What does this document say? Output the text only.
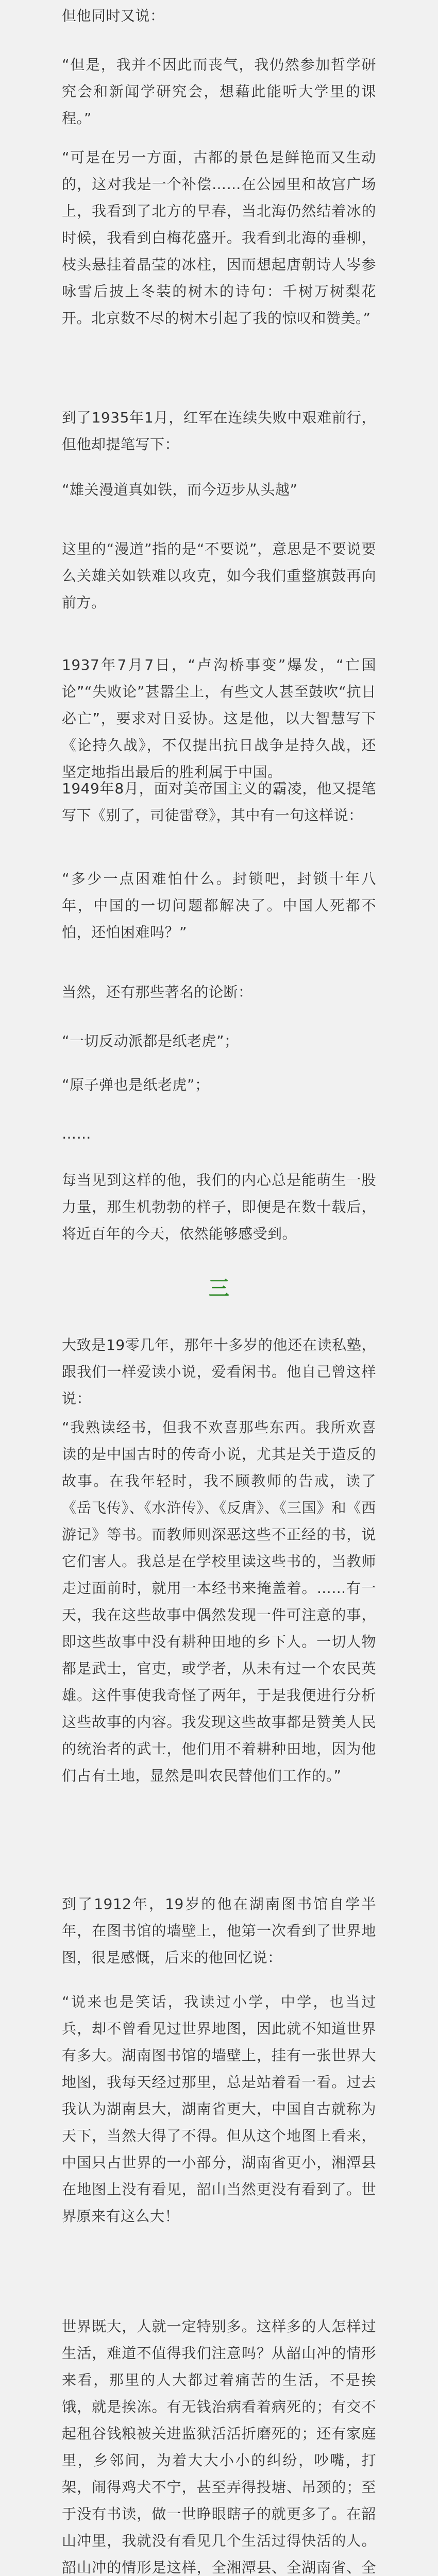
但他同时又说：

“但是，我并不因此而丧气，我仍然参加哲学研究会和新闻学研究会，想藉此能听大学里的课程。”

“可是在另一方面，古都的景色是鲜艳而又生动的，这对我是一个补偿……在公园里和故宫广场上，我看到了北方的早春，当北海仍然结着冰的时候，我看到白梅花盛开。我看到北海的垂柳，枝头悬挂着晶莹的冰柱，因而想起唐朝诗人岑参咏雪后披上冬装的树木的诗句：千树万树梨花开。北京数不尽的树木引起了我的惊叹和赞美。”

到了1935年1月，红军在连续失败中艰难前行，但他却提笔写下：

“雄关漫道真如铁，而今迈步从头越”

这里的“漫道”指的是“不要说”，意思是不要说要么关雄关如铁难以攻克，如今我们重整旗鼓再向前方。

1937年7月7日，“卢沟桥事变”爆发，“亡国论”“失败论”甚嚣尘上，有些文人甚至鼓吹“抗日必亡”，要求对日妥协。这是他，以大智慧写下《论持久战》，不仅提出抗日战争是持久战，还坚定地指出最后的胜利属于中国。

1949年8月，面对美帝国主义的霸凌，他又提笔写下《别了，司徒雷登》，其中有一句这样说：

“多少一点困难怕什么。封锁吧，封锁十年八年，中国的一切问题都解决了。中国人死都不怕，还怕困难吗？”

当然，还有那些著名的论断：

“一切反动派都是纸老虎”；

“原子弹也是纸老虎”；

……

每当见到这样的他，我们的内心总是能萌生一股力量，那生机勃勃的样子，即便是在数十载后，将近百年的今天，依然能够感受到。

三

大致是19零几年，那年十多岁的他还在读私塾，跟我们一样爱读小说，爱看闲书。他自己曾这样说：

“我熟读经书，但我不欢喜那些东西。我所欢喜读的是中国古时的传奇小说，尤其是关于造反的故事。在我年轻时，我不顾教师的告戒，读了《岳飞传》、《水浒传》、《反唐》、《三国》和《西游记》等书。而教师则深恶这些不正经的书，说它们害人。我总是在学校里读这些书的，当教师走过面前时，就用一本经书来掩盖着。……有一天，我在这些故事中偶然发现一件可注意的事，即这些故事中没有耕种田地的乡下人。一切人物都是武士，官吏，或学者，从未有过一个农民英雄。这件事使我奇怪了两年，于是我便进行分析这些故事的内容。我发现这些故事都是赞美人民的统治者的武士，他们用不着耕种田地，因为他们占有土地，显然是叫农民替他们工作的。”

到了1912年，19岁的他在湖南图书馆自学半年，在图书馆的墙壁上，他第一次看到了世界地图，很是感慨，后来的他回忆说：

“说来也是笑话，我读过小学，中学，也当过兵，却不曾看见过世界地图，因此就不知道世界有多大。湖南图书馆的墙壁上，挂有一张世界大地图，我每天经过那里，总是站着看一看。过去我认为湖南县大，湖南省更大，中国自古就称为天下，当然大得了不得。但从这个地图上看来，中国只占世界的一小部分，湖南省更小，湘潭县在地图上没有看见，韶山当然更没有看到了。世界原来有这么大！

世界既大，人就一定特别多。这样多的人怎样过生活，难道不值得我们注意吗？从韶山冲的情形来看，那里的人大都过着痛苦的生活，不是挨饿，就是挨冻。有无钱治病看着病死的；有交不起租谷钱粮被关进监狱活活折磨死的；还有家庭里，乡邻间，为着大大小小的纠纷，吵嘴，打架，闹得鸡犬不宁，甚至弄得投塘、吊颈的；至于没有书读，做一世睁眼瞎子的就更多了。在韶山冲里，我就没有看见几个生活过得快活的人。韶山冲的情形是这样，全湘潭县、全湖南省、全
